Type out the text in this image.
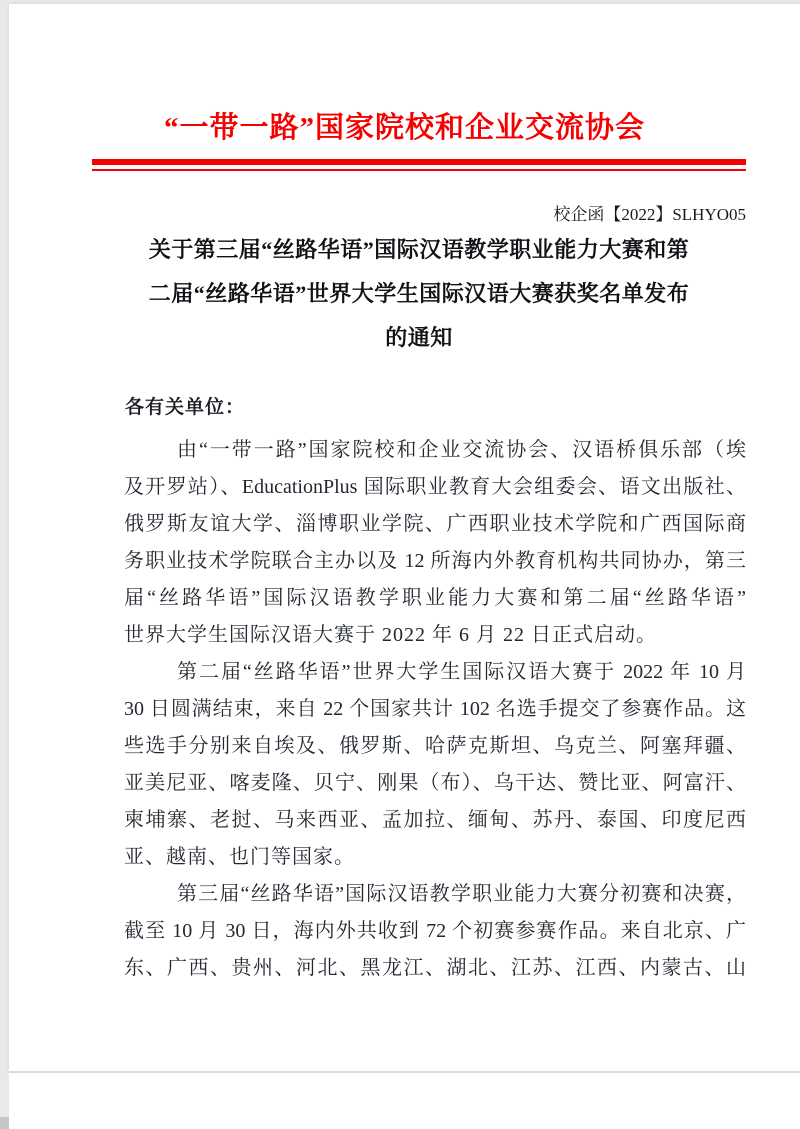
“一带一路”国家院校和企业交流协会
校企函【2022】SLHYO05
关于第三届“丝路华语”国际汉语教学职业能力大赛和第
二届“丝路华语”世界大学生国际汉语大赛获奖名单发布
的通知
各有关单位：
由“一带一路”国家院校和企业交流协会、汉语桥俱乐部（埃
及开罗站）、EducationPlus 国际职业教育大会组委会、语文出版社、
俄罗斯友谊大学、淄博职业学院、广西职业技术学院和广西国际商
务职业技术学院联合主办以及 12 所海内外教育机构共同协办，第三
届“丝路华语”国际汉语教学职业能力大赛和第二届“丝路华语”
世界大学生国际汉语大赛于 2022 年 6 月 22 日正式启动。
第二届“丝路华语”世界大学生国际汉语大赛于 2022 年 10 月
30 日圆满结束，来自 22 个国家共计 102 名选手提交了参赛作品。这
些选手分别来自埃及、俄罗斯、哈萨克斯坦、乌克兰、阿塞拜疆、
亚美尼亚、喀麦隆、贝宁、刚果（布）、乌干达、赞比亚、阿富汗、
柬埔寨、老挝、马来西亚、孟加拉、缅甸、苏丹、泰国、印度尼西
亚、越南、也门等国家。
第三届“丝路华语”国际汉语教学职业能力大赛分初赛和决赛，
截至 10 月 30 日，海内外共收到 72 个初赛参赛作品。来自北京、广
东、广西、贵州、河北、黑龙江、湖北、江苏、江西、内蒙古、山
